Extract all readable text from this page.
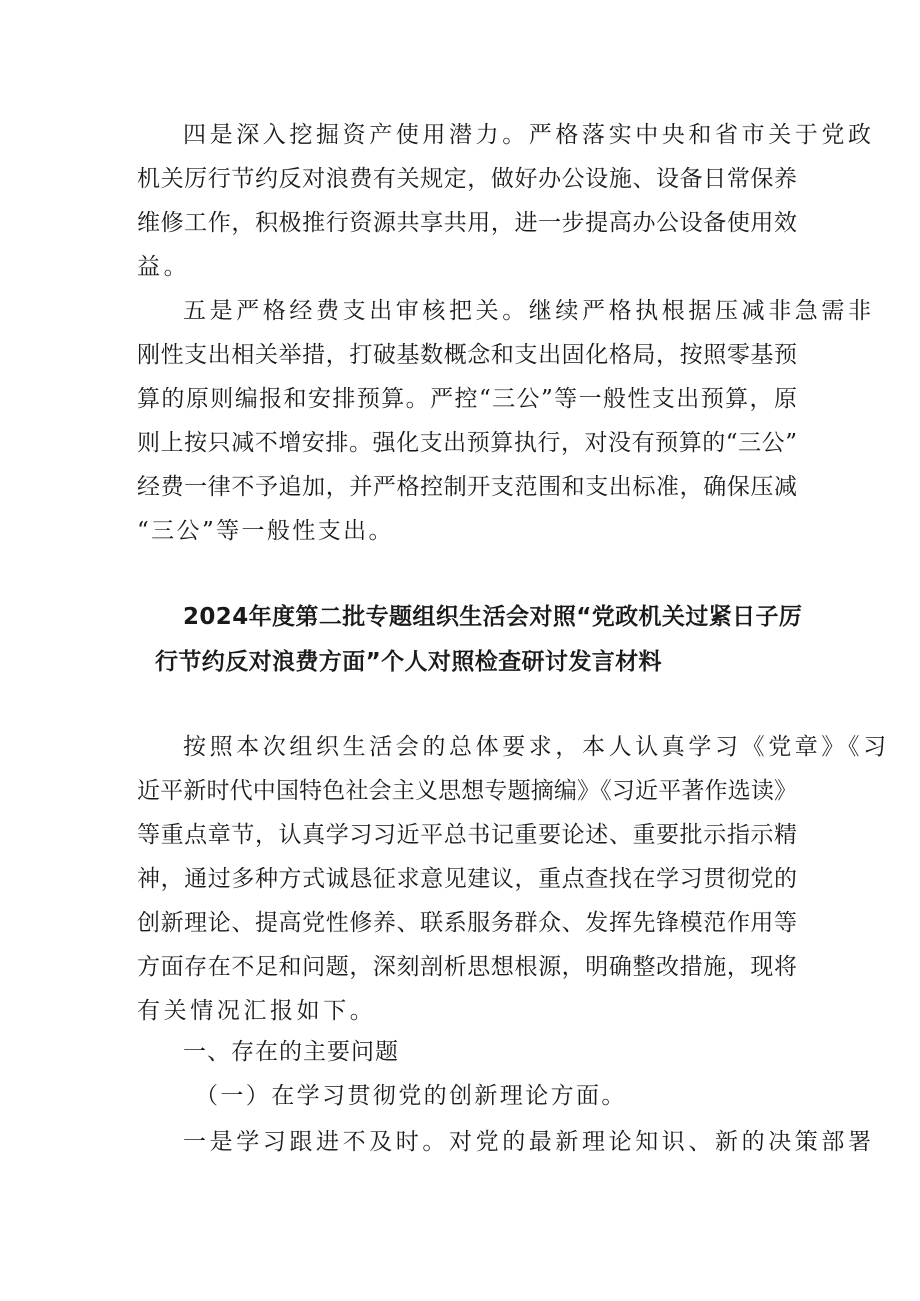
四是深入挖掘资产使用潜力。严格落实中央和省市关于党政
机关厉行节约反对浪费有关规定，做好办公设施、设备日常保养
维修工作，积极推行资源共享共用，进一步提高办公设备使用效
益。
五是严格经费支出审核把关。继续严格执根据压减非急需非
刚性支出相关举措，打破基数概念和支出固化格局，按照零基预
算的原则编报和安排预算。严控“三公”等一般性支出预算，原
则上按只减不增安排。强化支出预算执行，对没有预算的“三公”
经费一律不予追加，并严格控制开支范围和支出标准，确保压减
“三公”等一般性支出。
2024年度第二批专题组织生活会对照“党政机关过紧日子厉
行节约反对浪费方面”个人对照检查研讨发言材料
按照本次组织生活会的总体要求，本人认真学习《党章》《习
近平新时代中国特色社会主义思想专题摘编》《习近平著作选读》
等重点章节，认真学习习近平总书记重要论述、重要批示指示精
神，通过多种方式诚恳征求意见建议，重点查找在学习贯彻党的
创新理论、提高党性修养、联系服务群众、发挥先锋模范作用等
方面存在不足和问题，深刻剖析思想根源，明确整改措施，现将
有关情况汇报如下。
一、存在的主要问题
（一）在学习贯彻党的创新理论方面。
一是学习跟进不及时。对党的最新理论知识、新的决策部署
